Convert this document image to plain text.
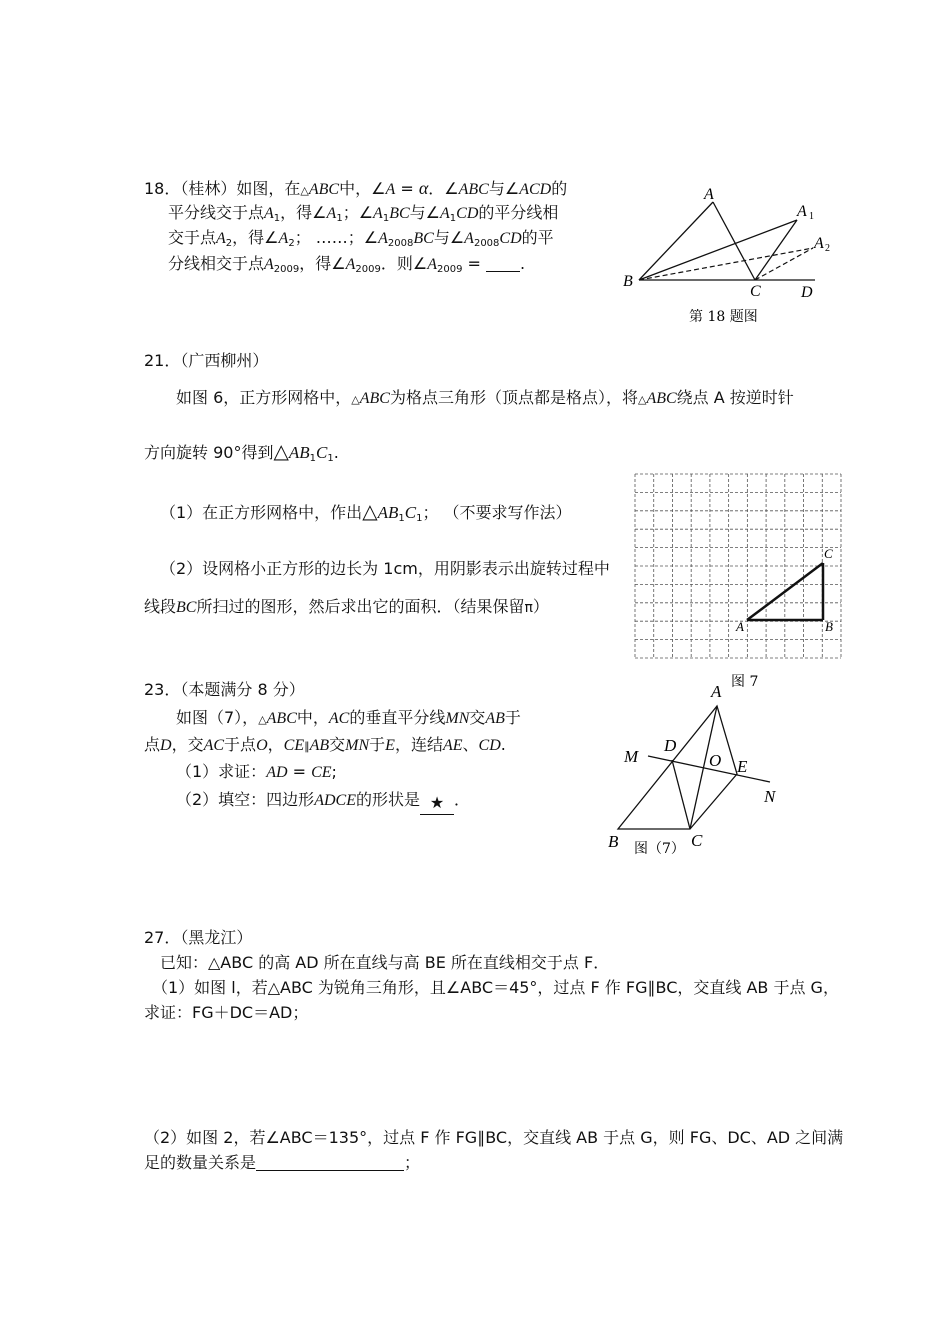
18．（桂林）如图，在△ABC中，∠A = α．∠ABC与∠ACD的
平分线交于点$A_1$，得$\angle A_1$；$\angle A_1BC$与$\angle A_1CD$的平分线相
交于点$A_2$，得$\angle A_2$； ……；$\angle A_{2008}BC$与$\angle A_{2008}CD$的平
分线相交于点$A_{2009}$，得$\angle A_{2009}$．则$\angle A_{2009}$ = .
A
A 1
A 2
B
C	D
第 18 题图
21．（广西柳州）
如图 6，正方形网格中，△ABC为格点三角形（顶点都是格点），将△ABC绕点 A 按逆时针
方向旋转 90°得到$\triangle AB_1C_1$.
（1）在正方形网格中，作出$\triangle AB_1C_1$； （不要求写作法）
（2）设网格小正方形的边长为 1cm，用阴影表示出旋转过程中
线段BC所扫过的图形，然后求出它的面积．（结果保留π）
C
A	B
图 7
23．（本题满分 8 分）
如图（7），△ABC中，AC的垂直平分线MN交AB于
点D，交AC于点O，CE∥AB交MN于E，连结AE、CD.
（1）求证：AD = CE;
（2）填空：四边形ADCE的形状是 ★ ．
A
M
D
O E
N
B	C
图（7）
27．（黑龙江）
已知：△ABC 的高 AD 所在直线与高 BE 所在直线相交于点 F．
（1）如图 l，若△ABC 为锐角三角形，且∠ABC＝45°，过点 F 作 FG∥BC，交直线 AB 于点 G，
求证：FG＋DC＝AD；
（2）如图 2，若∠ABC＝135°，过点 F 作 FG∥BC，交直线 AB 于点 G，则 FG、DC、AD 之间满
足的数量关系是	；
